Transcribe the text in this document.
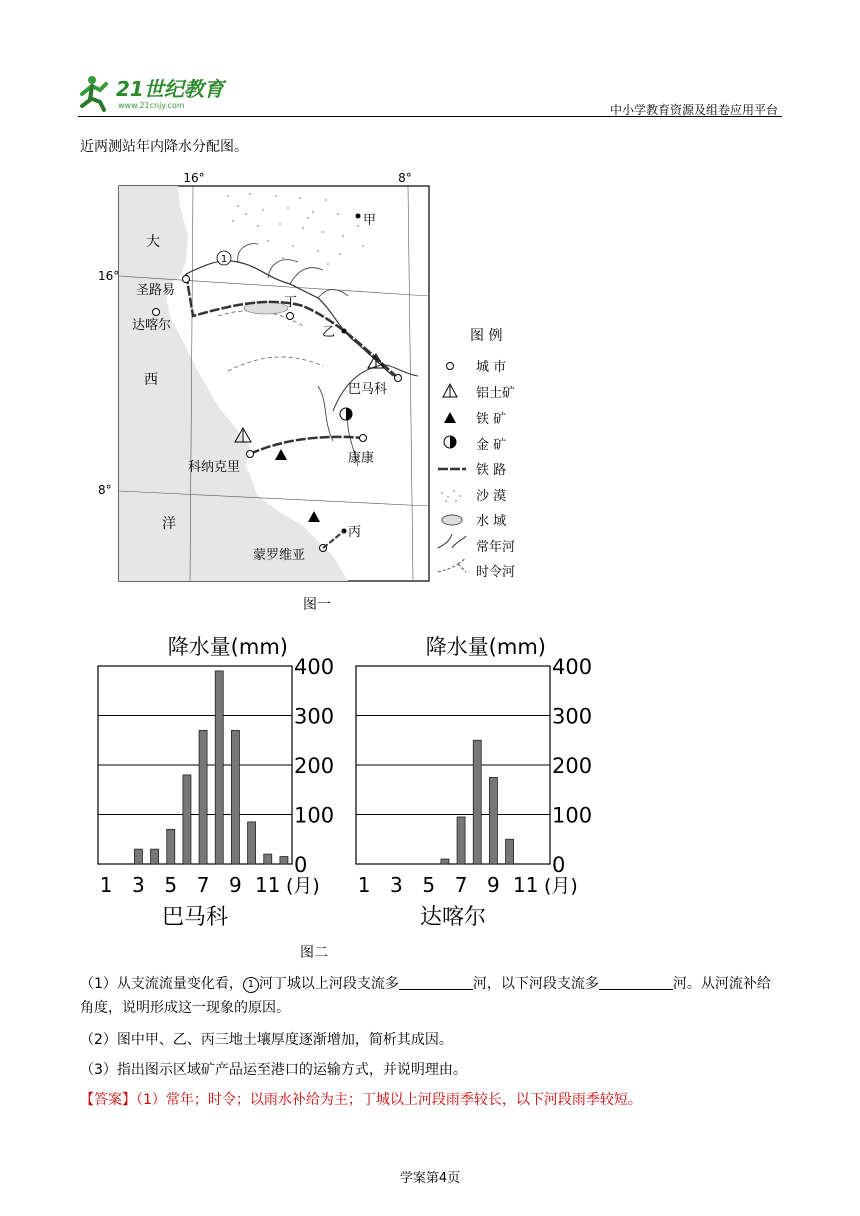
21世纪教育
www.21cnjy.com	中小学教育资源及组卷应用平台
近两测站年内降水分配图。
16°	8°
16°
8°
大
西
洋
1
圣路易
达喀尔
丁
乙
甲
巴马科
科纳克里
康康
丙
蒙罗维亚
图 例
城 市
铝土矿
铁 矿
金 矿
铁 路
沙 漠
水 域
常年河
时令河
图一
降水量(mm)
0
100
200
300
400
1 3 5 7 9 11 (月)
巴马科
降水量(mm)
0
100
200
300
400
1 3 5 7 9 11 (月)
达喀尔
图二
（1）从支流流量变化看， 1 河丁城以上河段支流多	河，以下河段支流多	河。从河流补给角度，说明形成这一现象的原因。
（2）图中甲、乙、丙三地土壤厚度逐渐增加，简析其成因。
（3）指出图示区域矿产品运至港口的运输方式，并说明理由。
【答案】（1）常年；时令；以雨水补给为主；丁城以上河段雨季较长，以下河段雨季较短。
学案第4页
